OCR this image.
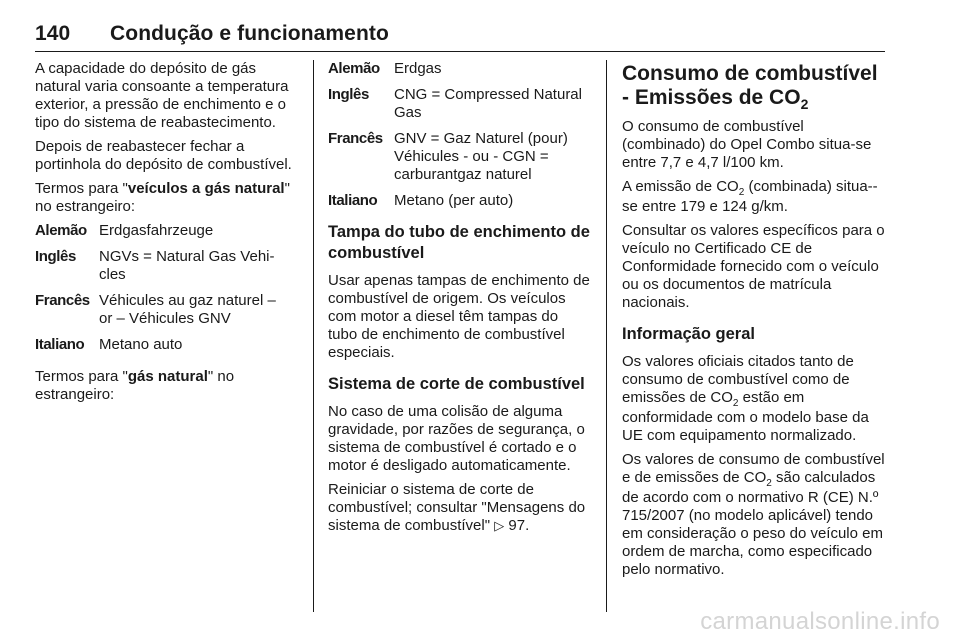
140 Condução e funcionamento

A capacidade do depósito de gás natural varia consoante a temperatura exterior, a pressão de enchimento e o tipo do sistema de reabastecimento.

Depois de reabastecer fechar a portinhola do depósito de combustível.

Termos para "veículos a gás natural" no estrangeiro:

Alemão Erdgasfahrzeuge
Inglês	NGVs = Natural Gas Vehi-cles
Francês Véhicules au gaz naturel – or – Véhicules GNV
Italiano Metano auto

Termos para "gás natural" no estrangeiro:

Alemão Erdgas
Inglês	CNG = Compressed Natural Gas
Francês GNV = Gaz Naturel (pour) Véhicules - ou - CGN = carburantgaz naturel
Italiano	Metano (per auto)
Tampa do tubo de enchimento de combustível

Usar apenas tampas de enchimento de combustível de origem. Os veículos com motor a diesel têm tampas do tubo de enchimento de combustível especiais.

Sistema de corte de combustível

No caso de uma colisão de alguma gravidade, por razões de segurança, o sistema de combustível é cortado e o motor é desligado automaticamente.

Reiniciar o sistema de corte de combustível; consultar "Mensagens do sistema de combustível" ▷ 97.

Consumo de combustível - Emissões de $CO_2$

O consumo de combustível (combinado) do Opel Combo situa-se entre 7,7 e 4,7 l/100 km.

A emissão de $CO_2$ (combinada) situa--se entre 179 e 124 g/km.

Consultar os valores específicos para o veículo no Certificado CE de Conformidade fornecido com o veículo ou os documentos de matrícula nacionais.

Informação geral

Os valores oficiais citados tanto de consumo de combustível como de emissões de $CO_2$ estão em conformidade com o modelo base da UE com equipamento normalizado.

Os valores de consumo de combustível e de emissões de $CO_2$ são calculados de acordo com o normativo R (CE) N.º 715/2007 (no modelo aplicável) tendo em consideração o peso do veículo em ordem de marcha, como especificado pelo normativo.

carmanualsonline.info
